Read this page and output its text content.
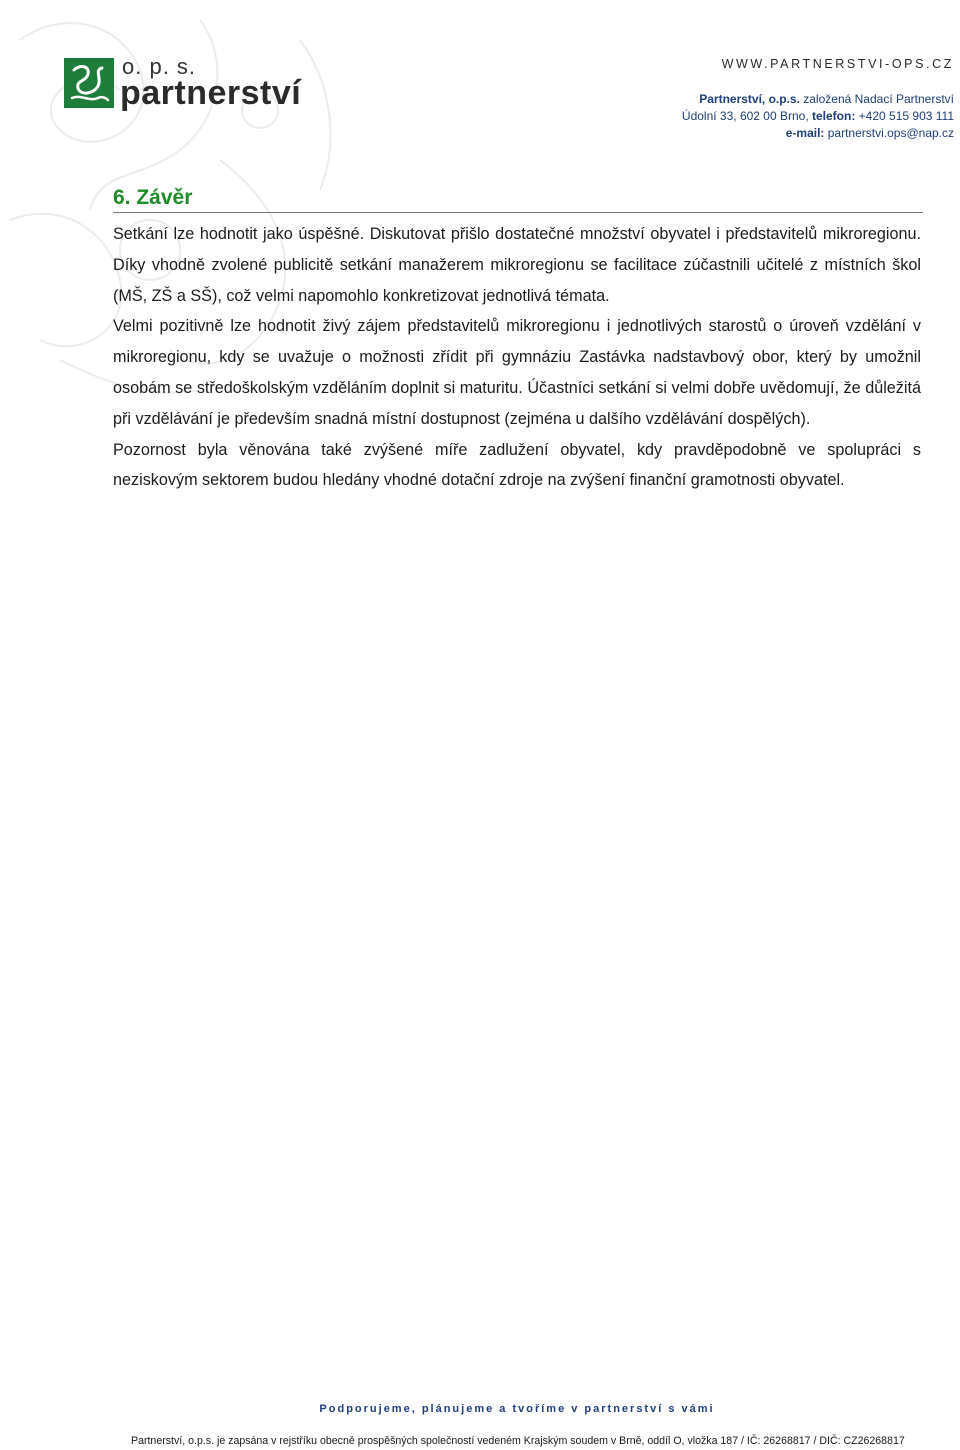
o. p. s.
partnerství
WWW.PARTNERSTVI-OPS.CZ
Partnerství, o.p.s. založená Nadací Partnerství
Údolní 33, 602 00 Brno, telefon: +420 515 903 111
e-mail: partnerstvi.ops@nap.cz
6. Závěr

Setkání lze hodnotit jako úspěšné. Diskutovat přišlo dostatečné množství obyvatel i představitelů mikroregionu. Díky vhodně zvolené publicitě setkání manažerem mikroregionu se facilitace zúčastnili učitelé z místních škol (MŠ, ZŠ a SŠ), což velmi napomohlo konkretizovat jednotlivá témata.

Velmi pozitivně lze hodnotit živý zájem představitelů mikroregionu i jednotlivých starostů o úroveň vzdělání v mikroregionu, kdy se uvažuje o možnosti zřídit při gymnáziu Zastávka nadstavbový obor, který by umožnil osobám se středoškolským vzděláním doplnit si maturitu. Účastníci setkání si velmi dobře uvědomují, že důležitá při vzdělávání je především snadná místní dostupnost (zejména u dalšího vzdělávání dospělých).

Pozornost byla věnována také zvýšené míře zadlužení obyvatel, kdy pravděpodobně ve spolupráci s neziskovým sektorem budou hledány vhodné dotační zdroje na zvýšení finanční gramotnosti obyvatel.

Podporujeme, plánujeme a tvoříme v partnerství s vámi
Partnerství, o.p.s. je zapsána v rejstříku obecně prospěšných společností vedeném Krajským soudem v Brně, oddíl O, vložka 187 / IČ: 26268817 / DIČ: CZ26268817
